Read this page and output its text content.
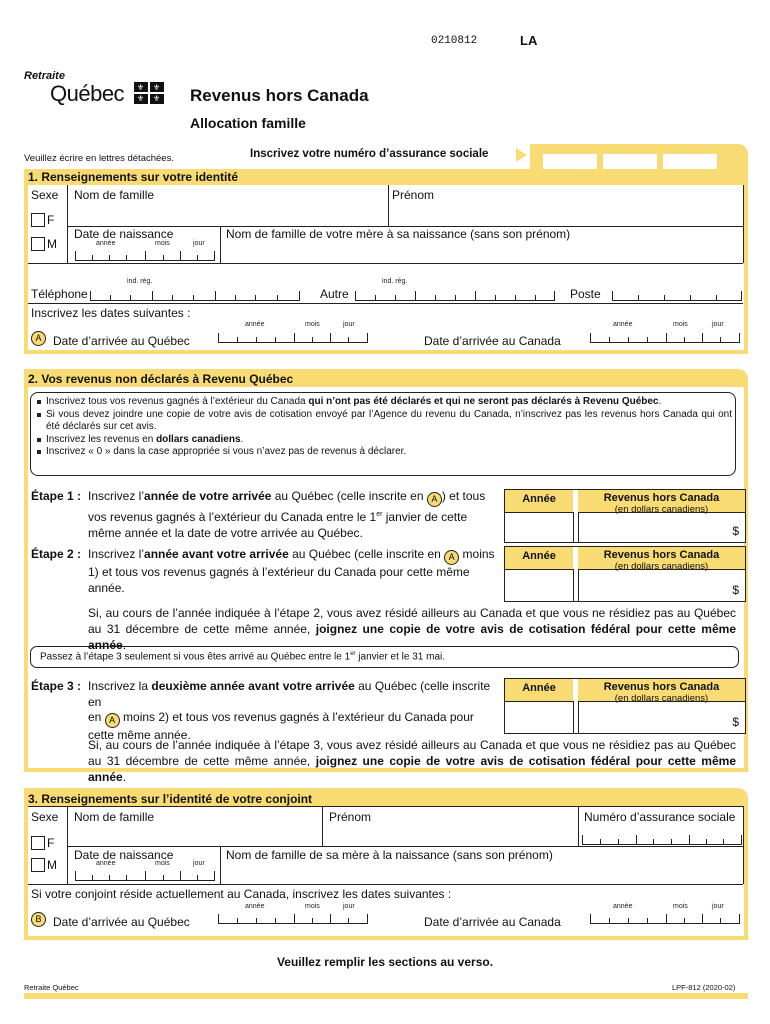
0210812	LA
Retraite
Québec ⚜ ⚜
⚜ ⚜ Revenus hors Canada
Allocation famille
Veuillez écrire en lettres détachées.	Inscrivez votre numéro d’assurance sociale
1. Renseignements sur votre identité
Sexe Nom de famille	Prénom
F
M
Date de naissance
année	mois	jour
Nom de famille de votre mère à sa naissance (sans son prénom)
ind. rég.
Téléphone
ind. rég.
Autre	Poste
Inscrivez les dates suivantes :
année	mois	jour
A Date d’arrivée au Québec
année	mois	jour
Date d’arrivée au Canada
2. Vos revenus non déclarés à Revenu Québec
Inscrivez tous vos revenus gagnés à l’extérieur du Canada qui n’ont pas été déclarés et qui ne seront pas déclarés à Revenu Québec.
Si vous devez joindre une copie de votre avis de cotisation envoyé par l’Agence du revenu du Canada, n’inscrivez pas les revenus hors Canada qui ont été déclarés sur cet avis.
Inscrivez les revenus en dollars canadiens.
Inscrivez « 0 » dans la case appropriée si vous n’avez pas de revenus à déclarer.
Étape 1 : Inscrivez l’année de votre arrivée au Québec (celle inscrite en A ) et tous vos revenus gagnés à l’extérieur du Canada entre le 1er janvier de cette même année et la date de votre arrivée au Québec.
Année	Revenus hors Canada
(en dollars canadiens)
$
Étape 2 : Inscrivez l’année avant votre arrivée au Québec (celle inscrite en A moins 1) et tous vos revenus gagnés à l’extérieur du Canada pour cette même année.
Année	Revenus hors Canada
(en dollars canadiens)
$
Si, au cours de l’année indiquée à l’étape 2, vous avez résidé ailleurs au Canada et que vous ne résidiez pas au Québec au 31 décembre de cette même année, joignez une copie de votre avis de cotisation fédéral pour cette même année.
Passez à l’étape 3 seulement si vous êtes arrivé au Québec entre le 1er janvier et le 31 mai.
Étape 3 : Inscrivez la deuxième année avant votre arrivée au Québec (celle inscrite en
en A moins 2) et tous vos revenus gagnés à l’extérieur du Canada pour cette même année.
Année	Revenus hors Canada
(en dollars canadiens)
$
Si, au cours de l’année indiquée à l’étape 3, vous avez résidé ailleurs au Canada et que vous ne résidiez pas au Québec au 31 décembre de cette même année, joignez une copie de votre avis de cotisation fédéral pour cette même année.
3. Renseignements sur l’identité de votre conjoint
Sexe Nom de famille	Prénom	Numéro d’assurance sociale
F
M
Date de naissance
année	mois	jour
Nom de famille de sa mère à la naissance (sans son prénom)
Si votre conjoint réside actuellement au Canada, inscrivez les dates suivantes :
année	mois	jour
B Date d’arrivée au Québec
année	mois	jour
Date d’arrivée au Canada
Veuillez remplir les sections au verso.
Retraite Québec	LPF-812 (2020-02)
